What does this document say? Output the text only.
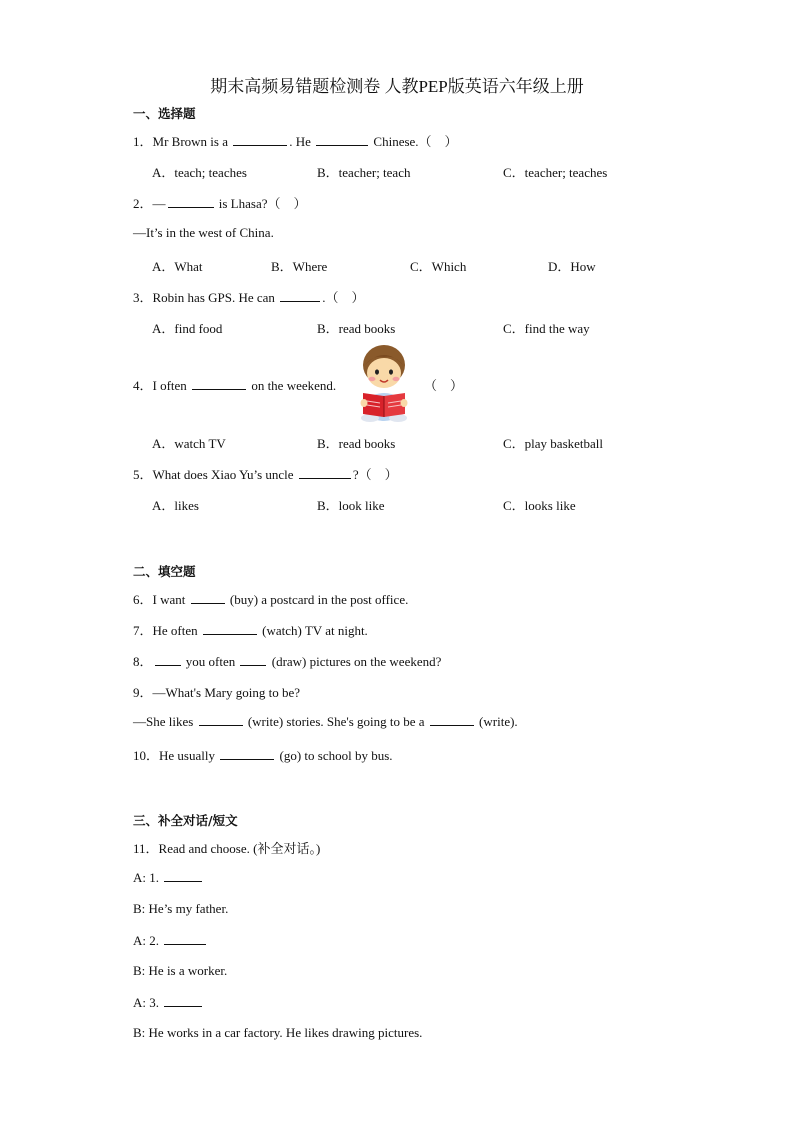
期末高频易错题检测卷 人教PEP版英语六年级上册
一、选择题
1．Mr Brown is a	. He	Chinese.（　）
A．teach; teaches	B．teacher; teach	C．teacher; teaches
2．—	is Lhasa?（　）
—It’s in the west of China.
A．What	B．Where	C．Which	D．How
3．Robin has GPS. He can	.（　）
A．find food	B．read books	C．find the way
4．I often	on the weekend.	（　）
A．watch TV	B．read books	C．play basketball
5．What does Xiao Yu’s uncle	?（　）
A．likes	B．look like	C．looks like
二、填空题
6．I want	(buy) a postcard in the post office.
7．He often	(watch) TV at night.
8．	you often	(draw) pictures on the weekend?
9．—What's Mary going to be?
—She likes	(write) stories. She's going to be a	(write).
10．He usually	(go) to school by bus.
三、补全对话/短文
11．Read and choose. (补全对话。)
A: 1.
B: He’s my father.
A: 2.
B: He is a worker.
A: 3.
B: He works in a car factory. He likes drawing pictures.
